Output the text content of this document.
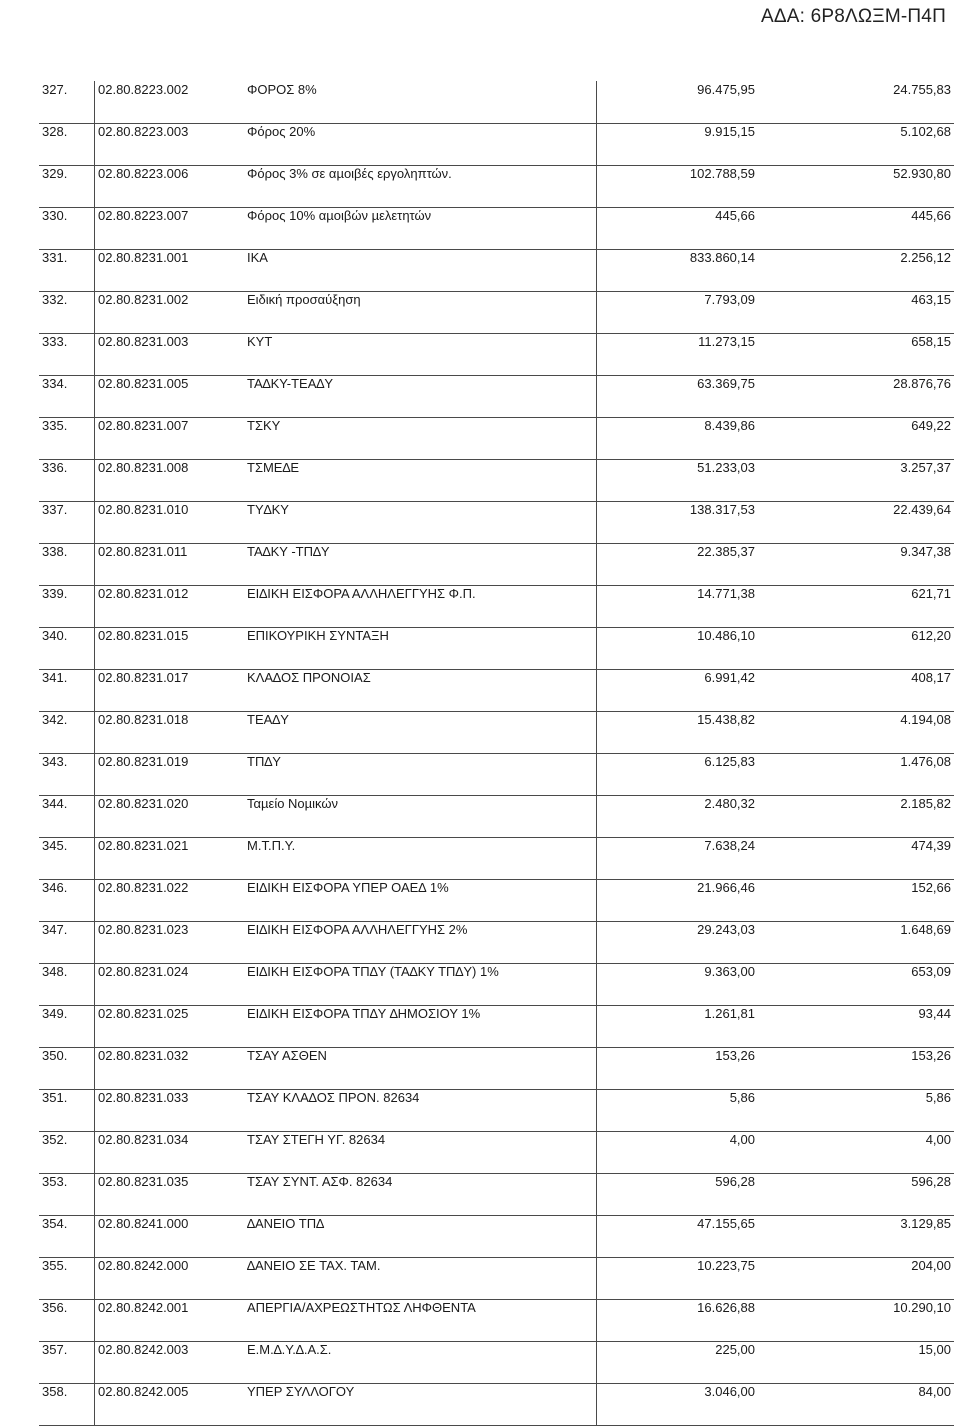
ΑΔΑ: 6Ρ8ΛΩΞΜ-Π4Π
327.	02.80.8223.002	ΦΟΡΟΣ 8%	96.475,95	24.755,83
328.	02.80.8223.003	Φόρος 20%	9.915,15	5.102,68
329.	02.80.8223.006	Φόρος 3% σε αµοιβές εργοληπτών.	102.788,59	52.930,80
330.	02.80.8223.007	Φόρος 10% αµοιβών µελετητών	445,66	445,66
331.	02.80.8231.001	ΙΚΑ	833.860,14	2.256,12
332.	02.80.8231.002	Ειδική προσαύξηση	7.793,09	463,15
333.	02.80.8231.003	ΚΥΤ	11.273,15	658,15
334.	02.80.8231.005	ΤΑ∆ΚΥ-ΤΕΑ∆Υ	63.369,75	28.876,76
335.	02.80.8231.007	ΤΣΚΥ	8.439,86	649,22
336.	02.80.8231.008	ΤΣΜΕ∆Ε	51.233,03	3.257,37
337.	02.80.8231.010	ΤΥ∆ΚΥ	138.317,53	22.439,64
338.	02.80.8231.011	ΤΑ∆ΚΥ -ΤΠ∆Υ	22.385,37	9.347,38
339.	02.80.8231.012	ΕΙ∆ΙΚΗ ΕΙΣΦΟΡΑ ΑΛΛΗΛΕΓΓΥΗΣ Φ.Π.	14.771,38	621,71
340.	02.80.8231.015	ΕΠΙΚΟΥΡΙΚΗ ΣΥΝΤΑΞΗ	10.486,10	612,20
341.	02.80.8231.017	ΚΛΑ∆ΟΣ ΠΡΟΝΟΙΑΣ	6.991,42	408,17
342.	02.80.8231.018	ΤΕΑ∆Υ	15.438,82	4.194,08
343.	02.80.8231.019	ΤΠ∆Υ	6.125,83	1.476,08
344.	02.80.8231.020	Ταµείο Νοµικών	2.480,32	2.185,82
345.	02.80.8231.021	Μ.Τ.Π.Υ.	7.638,24	474,39
346.	02.80.8231.022	ΕΙ∆ΙΚΗ ΕΙΣΦΟΡΑ ΥΠΕΡ ΟΑΕ∆ 1%	21.966,46	152,66
347.	02.80.8231.023	ΕΙ∆ΙΚΗ ΕΙΣΦΟΡΑ ΑΛΛΗΛΕΓΓΥΗΣ 2%	29.243,03	1.648,69
348.	02.80.8231.024	ΕΙ∆ΙΚΗ ΕΙΣΦΟΡΑ ΤΠ∆Υ (ΤΑ∆ΚΥ ΤΠ∆Υ) 1%	9.363,00	653,09
349.	02.80.8231.025	ΕΙ∆ΙΚΗ ΕΙΣΦΟΡΑ ΤΠ∆Υ ∆ΗΜΟΣΙΟΥ 1%	1.261,81	93,44
350.	02.80.8231.032	ΤΣΑΥ ΑΣΘΕΝ	153,26	153,26
351.	02.80.8231.033	ΤΣΑΥ ΚΛΑ∆ΟΣ ΠΡΟΝ. 82634	5,86	5,86
352.	02.80.8231.034	ΤΣΑΥ ΣΤΕΓΗ ΥΓ. 82634	4,00	4,00
353.	02.80.8231.035	ΤΣΑΥ ΣΥΝΤ. ΑΣΦ. 82634	596,28	596,28
354.	02.80.8241.000	∆ΑΝΕΙΟ ΤΠ∆	47.155,65	3.129,85
355.	02.80.8242.000	∆ΑΝΕΙΟ ΣΕ ΤΑΧ. ΤΑΜ.	10.223,75	204,00
356.	02.80.8242.001	ΑΠΕΡΓΙΑ/ΑΧΡΕΩΣΤΗΤΩΣ ΛΗΦΘΕΝΤΑ	16.626,88	10.290,10
357.	02.80.8242.003	Ε.Μ.∆.Υ.∆.Α.Σ.	225,00	15,00
358.	02.80.8242.005	ΥΠΕΡ ΣΥΛΛΟΓΟΥ	3.046,00	84,00
